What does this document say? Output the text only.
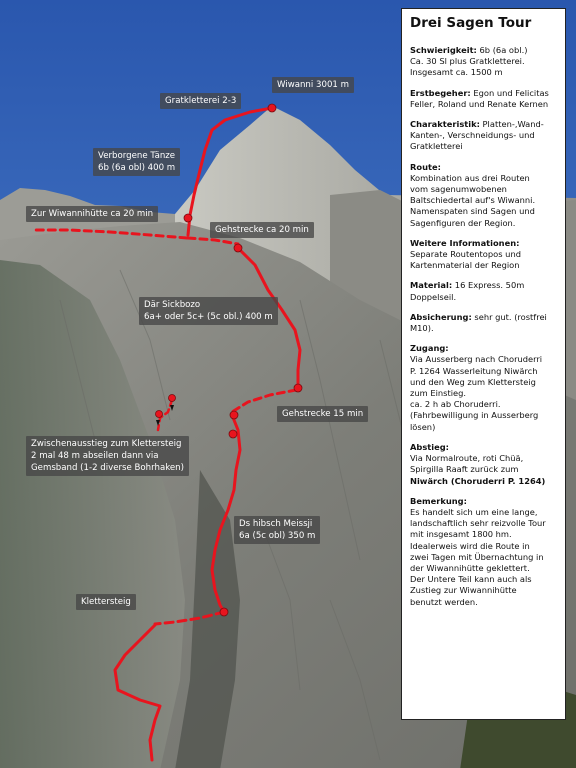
Wiwanni 3001 m
Gratkletterei 2-3
Verborgene Tänze
6b (6a obl) 400 m
Zur Wiwannihütte ca 20 min
Gehstrecke ca 20 min
Där Sickbozo
6a+ oder 5c+ (5c obl.) 400 m
Gehstrecke 15 min
Zwischenausstieg zum Klettersteig
2 mal 48 m abseilen dann via
Gemsband (1-2 diverse Bohrhaken)
Ds hibsch Meissji
6a (5c obl) 350 m
Klettersteig
Drei Sagen Tour
Schwierigkeit: 6b (6a obl.)
Ca. 30 Sl plus Gratkletterei.
Insgesamt ca. 1500 m
Erstbegeher: Egon und Felicitas
Feller, Roland und Renate Kernen
Charakteristik: Platten-,Wand-
Kanten-, Verschneidungs- und
Gratkletterei
Route:
Kombination aus drei Routen
vom sagenumwobenen
Baltschiedertal auf's Wiwanni.
Namenspaten sind Sagen und
Sagenfiguren der Region.
Weitere Informationen:
Separate Routentopos und
Kartenmaterial der Region
Material: 16 Express. 50m
Doppelseil.
Absicherung: sehr gut. (rostfrei
M10).
Zugang:
Via Ausserberg nach Choruderri
P. 1264 Wasserleitung Niwärch
und den Weg zum Klettersteig
zum Einstieg.
ca. 2 h ab Choruderri.
(Fahrbewilligung in Ausserberg
lösen)
Abstieg:
Via Normalroute, roti Chüä,
Spirgilla Raaft zurück zum
Niwärch (Choruderri P. 1264)
Bemerkung:
Es handelt sich um eine lange,
landschaftlich sehr reizvolle Tour
mit insgesamt 1800 hm.
Idealerweis wird die Route in
zwei Tagen mit Übernachtung in
der Wiwannihütte geklettert.
Der Untere Teil kann auch als
Zustieg zur Wiwannihütte
benutzt werden.
